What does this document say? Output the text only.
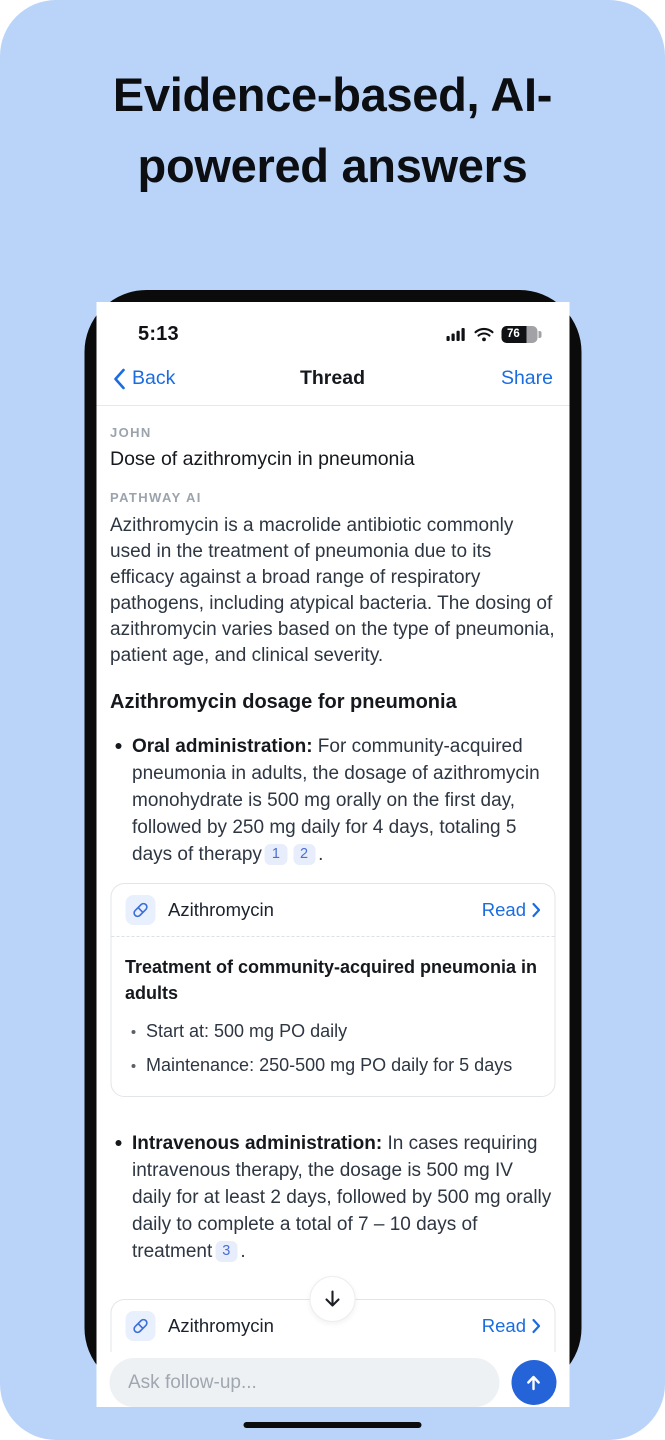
Evidence-based, AI-powered answers
5:13	76
Back	Thread	Share
JOHN
Dose of azithromycin in pneumonia
PATHWAY AI

Azithromycin is a macrolide antibiotic commonly used in the treatment of pneumonia due to its efficacy against a broad range of respiratory pathogens, including atypical bacteria. The dosing of azithromycin varies based on the type of pneumonia, patient age, and clinical severity.

Azithromycin dosage for pneumonia
Oral administration: For community-acquired pneumonia in adults, the dosage of azithromycin monohydrate is 500 mg orally on the first day, followed by 250 mg daily for 4 days, totaling 5 days of therapy 1 2 .
Azithromycin	Read
Treatment of community-acquired pneumonia in adults
Start at: 500 mg PO daily
Maintenance: 250-500 mg PO daily for 5 days
Intravenous administration: In cases requiring intravenous therapy, the dosage is 500 mg IV daily for at least 2 days, followed by 500 mg orally daily to complete a total of 7 – 10 days of treatment 3 .
Azithromycin	Read
Ask follow-up...
